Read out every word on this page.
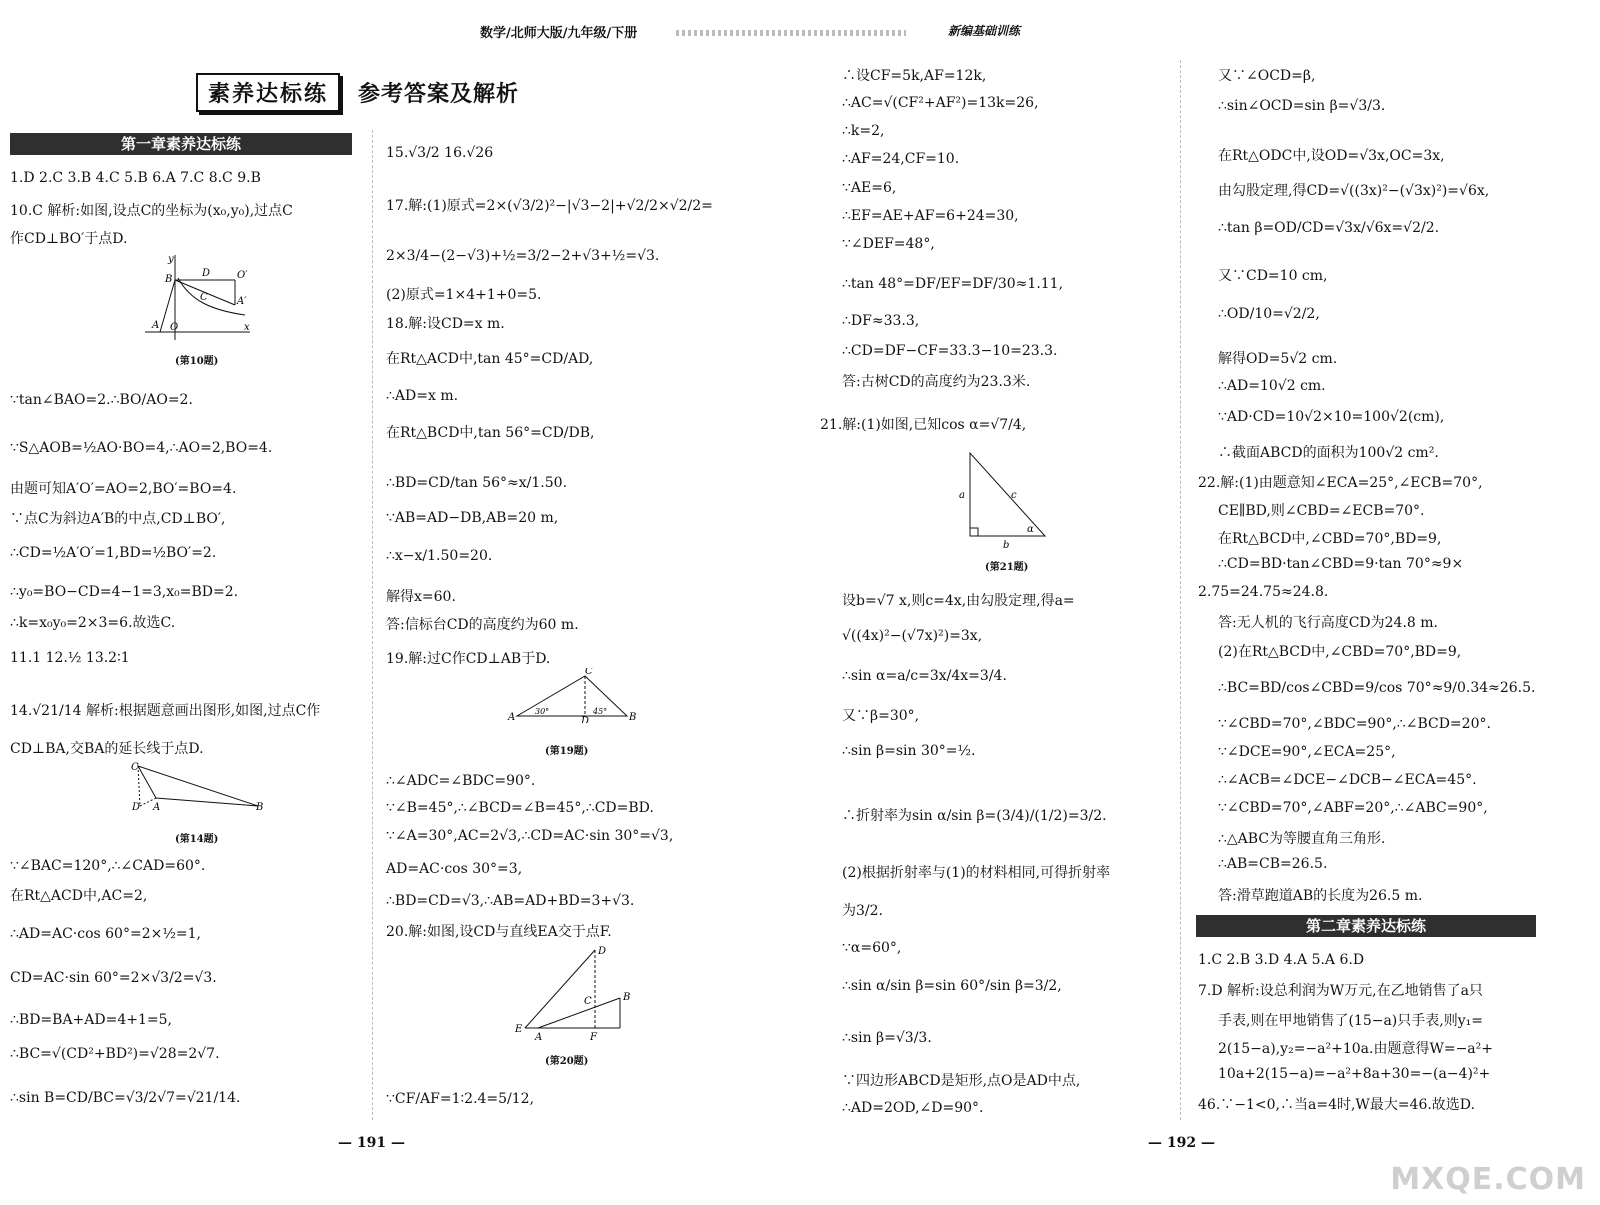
数学/北师大版/九年级/下册	新编基础训练
素养达标练	参考答案及解析
第一章素养达标练
第二章素养达标练
1.D 2.C 3.B 4.C 5.B 6.A 7.C 8.C 9.B
10.C 解析:如图,设点C的坐标为(x₀,y₀),过点C
作CD⊥BO′于点D.
∵tan∠BAO=2.∴BO/AO=2.
∵S△AOB=½AO·BO=4,∴AO=2,BO=4.
由题可知A′O′=AO=2,BO′=BO=4.
∵点C为斜边A′B的中点,CD⊥BO′,
∴CD=½A′O′=1,BD=½BO′=2.
∴y₀=BO−CD=4−1=3,x₀=BD=2.
∴k=x₀y₀=2×3=6.故选C.
11.1 12.½ 13.2∶1
14.√21/14 解析:根据题意画出图形,如图,过点C作
CD⊥BA,交BA的延长线于点D.
∵∠BAC=120°,∴∠CAD=60°.
在Rt△ACD中,AC=2,
∴AD=AC·cos 60°=2×½=1,
CD=AC·sin 60°=2×√3/2=√3.
∴BD=BA+AD=4+1=5,
∴BC=√(CD²+BD²)=√28=2√7.
∴sin B=CD/BC=√3/2√7=√21/14.
15.√3/2 16.√26
17.解:(1)原式=2×(√3/2)²−|√3−2|+√2/2×√2/2=
2×3/4−(2−√3)+½=3/2−2+√3+½=√3.
(2)原式=1×4+1+0=5.
18.解:设CD=x m.
在Rt△ACD中,tan 45°=CD/AD,
∴AD=x m.
在Rt△BCD中,tan 56°=CD/DB,
∴BD=CD/tan 56°≈x/1.50.
∵AB=AD−DB,AB=20 m,
∴x−x/1.50=20.
解得x=60.
答:信标台CD的高度约为60 m.
19.解:过C作CD⊥AB于D.
∴∠ADC=∠BDC=90°.
∵∠B=45°,∴∠BCD=∠B=45°,∴CD=BD.
∵∠A=30°,AC=2√3,∴CD=AC·sin 30°=√3,
AD=AC·cos 30°=3,
∴BD=CD=√3,∴AB=AD+BD=3+√3.
20.解:如图,设CD与直线EA交于点F.
∵CF/AF=1∶2.4=5/12,
∴设CF=5k,AF=12k,
∴AC=√(CF²+AF²)=13k=26,
∴k=2,
∴AF=24,CF=10.
∵AE=6,
∴EF=AE+AF=6+24=30,
∵∠DEF=48°,
∴tan 48°=DF/EF=DF/30≈1.11,
∴DF≈33.3,
∴CD=DF−CF=33.3−10=23.3.
答:古树CD的高度约为23.3米.
21.解:(1)如图,已知cos α=√7/4,
设b=√7 x,则c=4x,由勾股定理,得a=
√((4x)²−(√7x)²)=3x,
∴sin α=a/c=3x/4x=3/4.
又∵β=30°,
∴sin β=sin 30°=½.
∴折射率为sin α/sin β=(3/4)/(1/2)=3/2.
(2)根据折射率与(1)的材料相同,可得折射率
为3/2.
∵α=60°,
∴sin α/sin β=sin 60°/sin β=3/2,
∴sin β=√3/3.
∵四边形ABCD是矩形,点O是AD中点,
∴AD=2OD,∠D=90°.
又∵∠OCD=β,
∴sin∠OCD=sin β=√3/3.
在Rt△ODC中,设OD=√3x,OC=3x,
由勾股定理,得CD=√((3x)²−(√3x)²)=√6x,
∴tan β=OD/CD=√3x/√6x=√2/2.
又∵CD=10 cm,
∴OD/10=√2/2,
解得OD=5√2 cm.
∴AD=10√2 cm.
∵AD·CD=10√2×10=100√2(cm),
∴截面ABCD的面积为100√2 cm².
22.解:(1)由题意知∠ECA=25°,∠ECB=70°,
CE∥BD,则∠CBD=∠ECB=70°.
在Rt△BCD中,∠CBD=70°,BD=9,
∴CD=BD·tan∠CBD=9·tan 70°≈9×
2.75=24.75≈24.8.
答:无人机的飞行高度CD为24.8 m.
(2)在Rt△BCD中,∠CBD=70°,BD=9,
∴BC=BD/cos∠CBD=9/cos 70°≈9/0.34≈26.5.
∵∠CBD=70°,∠BDC=90°,∴∠BCD=20°.
∵∠DCE=90°,∠ECA=25°,
∴∠ACB=∠DCE−∠DCB−∠ECA=45°.
∵∠CBD=70°,∠ABF=20°,∴∠ABC=90°,
∴△ABC为等腰直角三角形.
∴AB=CB=26.5.
答:滑草跑道AB的长度为26.5 m.
1.C 2.B 3.D 4.A 5.A 6.D
7.D 解析:设总利润为W万元,在乙地销售了a只
手表,则在甲地销售了(15−a)只手表,则y₁=
2(15−a),y₂=−a²+10a.由题意得W=−a²+
10a+2(15−a)=−a²+8a+30=−(a−4)²+
46.∵−1<0,∴当a=4时,W最大=46.故选D.
A O	x
y
B
D	O′
C	A′
(第10题)
C
D A	B
(第14题)
C
A	D	B
30°	45°
(第19题)
D
C	B
E
A	F
(第20题)
a	c
b
α
(第21题)
— 191 —	— 192 —
MXQE.COM
